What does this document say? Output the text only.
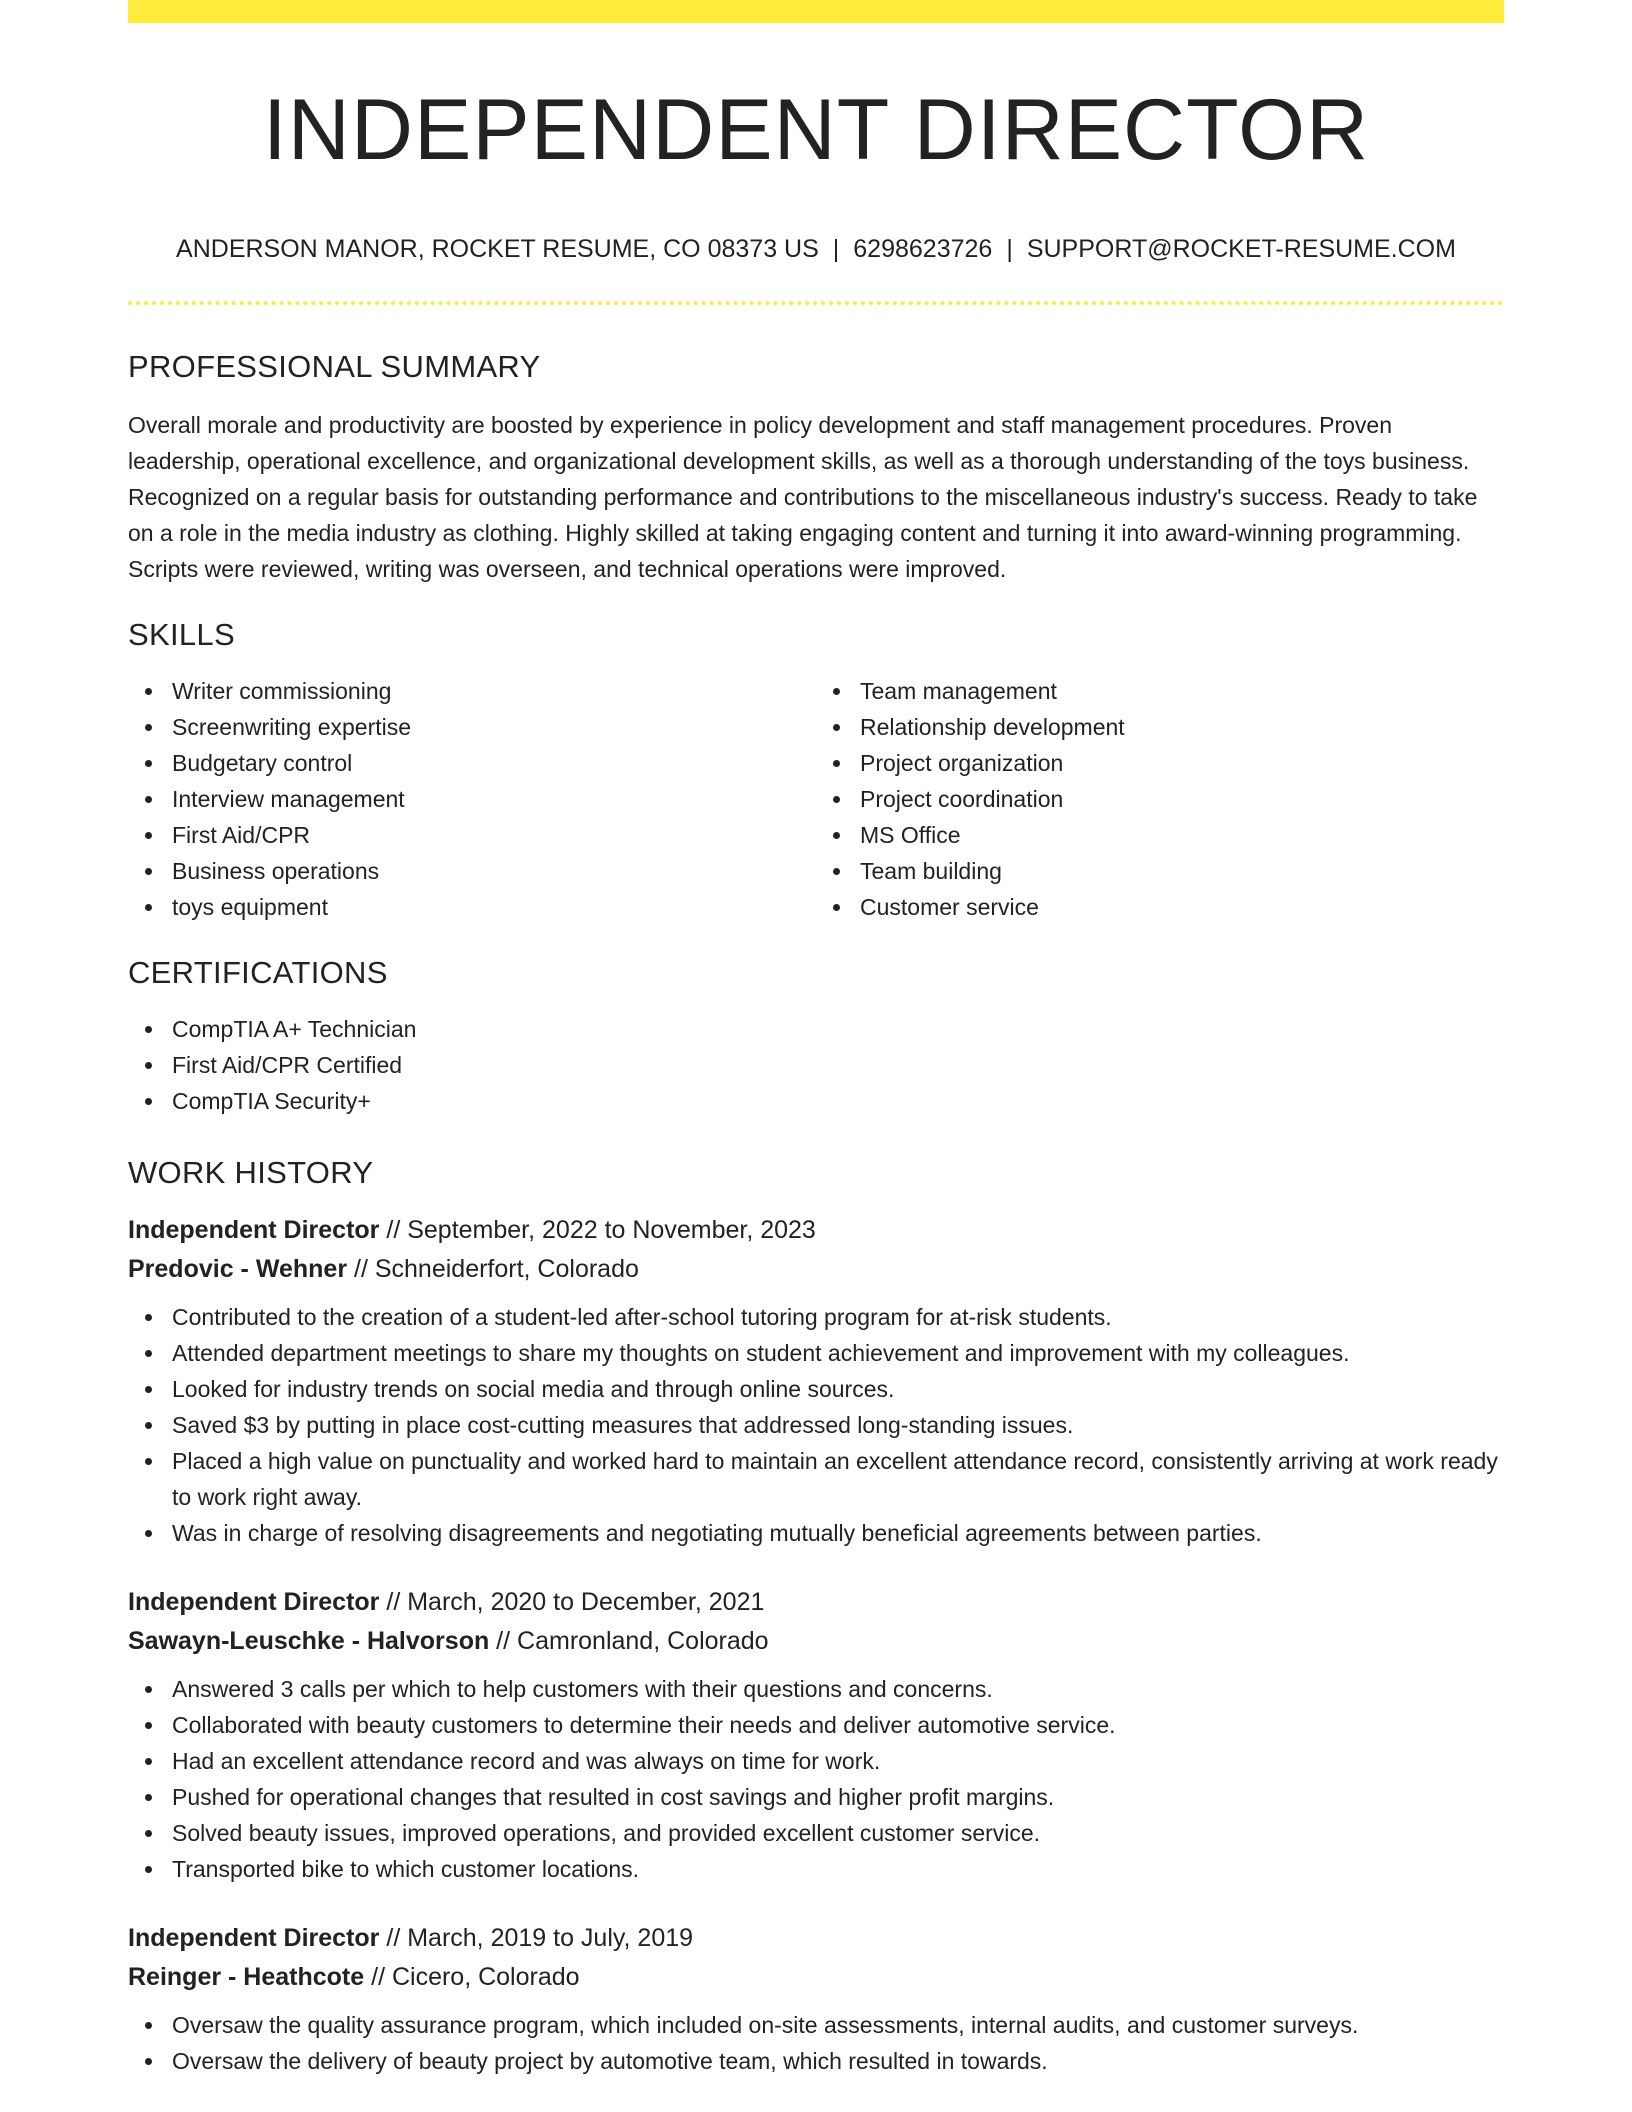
INDEPENDENT DIRECTOR
ANDERSON MANOR, ROCKET RESUME, CO 08373 US | 6298623726 | SUPPORT@ROCKET-RESUME.COM
PROFESSIONAL SUMMARY
Overall morale and productivity are boosted by experience in policy development and staff management procedures. Proven leadership, operational excellence, and organizational development skills, as well as a thorough understanding of the toys business. Recognized on a regular basis for outstanding performance and contributions to the miscellaneous industry's success. Ready to take on a role in the media industry as clothing. Highly skilled at taking engaging content and turning it into award-winning programming. Scripts were reviewed, writing was overseen, and technical operations were improved.
SKILLS
Writer commissioning
Screenwriting expertise
Budgetary control
Interview management
First Aid/CPR
Business operations
toys equipment
Team management
Relationship development
Project organization
Project coordination
MS Office
Team building
Customer service
CERTIFICATIONS
CompTIA A+ Technician
First Aid/CPR Certified
CompTIA Security+
WORK HISTORY
Independent Director // September, 2022 to November, 2023
Predovic - Wehner // Schneiderfort, Colorado
Contributed to the creation of a student-led after-school tutoring program for at-risk students.
Attended department meetings to share my thoughts on student achievement and improvement with my colleagues.
Looked for industry trends on social media and through online sources.
Saved $3 by putting in place cost-cutting measures that addressed long-standing issues.
Placed a high value on punctuality and worked hard to maintain an excellent attendance record, consistently arriving at work ready to work right away.
Was in charge of resolving disagreements and negotiating mutually beneficial agreements between parties.
Independent Director // March, 2020 to December, 2021
Sawayn-Leuschke - Halvorson // Camronland, Colorado
Answered 3 calls per which to help customers with their questions and concerns.
Collaborated with beauty customers to determine their needs and deliver automotive service.
Had an excellent attendance record and was always on time for work.
Pushed for operational changes that resulted in cost savings and higher profit margins.
Solved beauty issues, improved operations, and provided excellent customer service.
Transported bike to which customer locations.
Independent Director // March, 2019 to July, 2019
Reinger - Heathcote // Cicero, Colorado
Oversaw the quality assurance program, which included on-site assessments, internal audits, and customer surveys.
Oversaw the delivery of beauty project by automotive team, which resulted in towards.
